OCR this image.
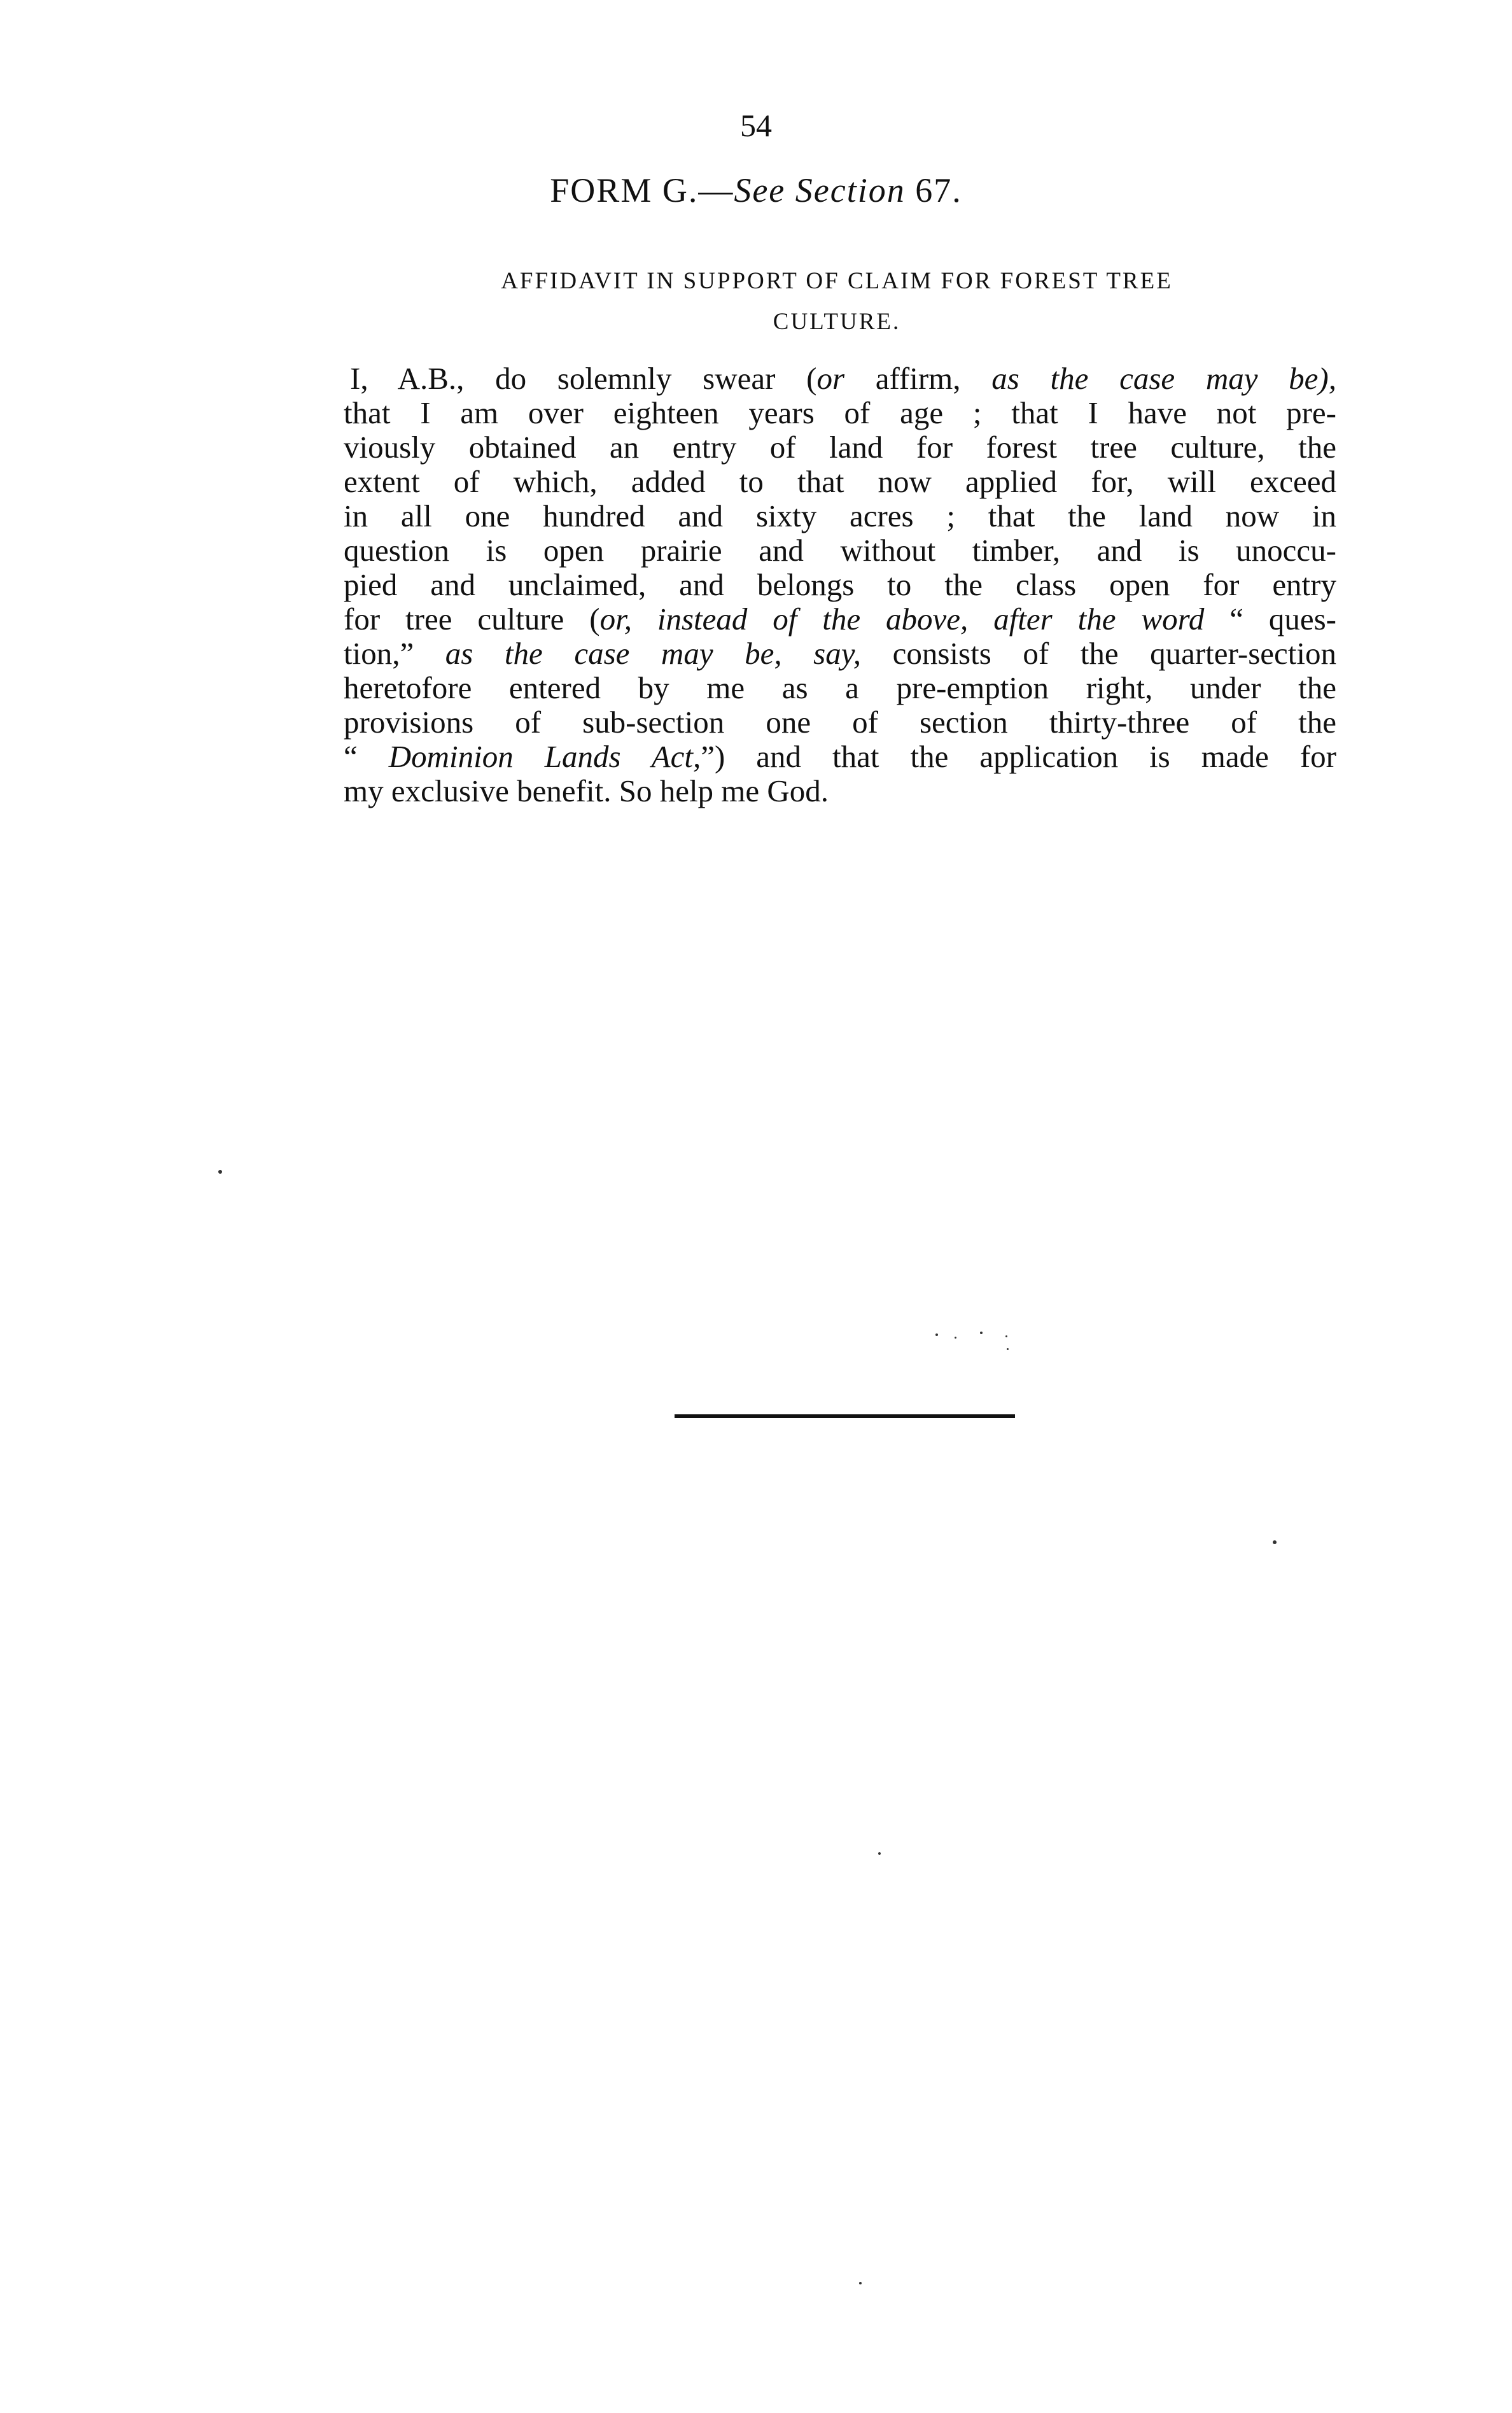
54
FORM G.—See Section 67.
AFFIDAVIT IN SUPPORT OF CLAIM FOR FOREST TREE
CULTURE.
I, A.B., do solemnly swear (or affirm, as the case may be),
that I am over eighteen years of age ; that I have not pre-
viously obtained an entry of land for forest tree culture, the
extent of which, added to that now applied for, will exceed
in all one hundred and sixty acres ; that the land now in
question is open prairie and without timber, and is unoccu-
pied and unclaimed, and belongs to the class open for entry
for tree culture (or, instead of the above, after the word “ ques-
tion,” as the case may be, say, consists of the quarter-section
heretofore entered by me as a pre-emption right, under the
provisions of sub-section one of section thirty-three of the
“ Dominion Lands Act,”) and that the application is made for
my exclusive benefit. So help me God.
